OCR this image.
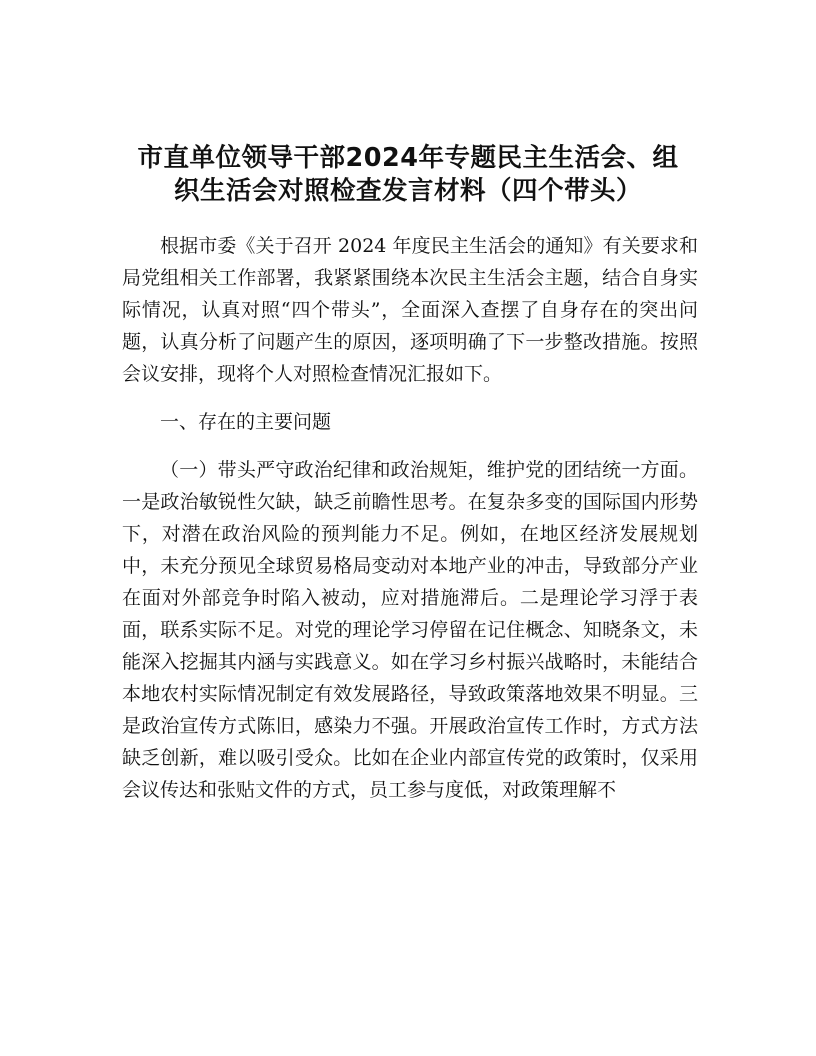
市直单位领导干部2024年专题民主生活会、组
织生活会对照检查发言材料（四个带头）

根据市委《关于召开 2024 年度民主生活会的通知》有关要求和局党组相关工作部署，我紧紧围绕本次民主生活会主题，结合自身实际情况，认真对照“四个带头”，全面深入查摆了自身存在的突出问题，认真分析了问题产生的原因，逐项明确了下一步整改措施。按照会议安排，现将个人对照检查情况汇报如下。

一、存在的主要问题

（一）带头严守政治纪律和政治规矩，维护党的团结统一方面。一是政治敏锐性欠缺，缺乏前瞻性思考。在复杂多变的国际国内形势下，对潜在政治风险的预判能力不足。例如，在地区经济发展规划中，未充分预见全球贸易格局变动对本地产业的冲击，导致部分产业在面对外部竞争时陷入被动，应对措施滞后。二是理论学习浮于表面，联系实际不足。对党的理论学习停留在记住概念、知晓条文，未能深入挖掘其内涵与实践意义。如在学习乡村振兴战略时，未能结合本地农村实际情况制定有效发展路径，导致政策落地效果不明显。三是政治宣传方式陈旧，感染力不强。开展政治宣传工作时，方式方法缺乏创新，难以吸引受众。比如在企业内部宣传党的政策时，仅采用会议传达和张贴文件的方式，员工参与度低，对政策理解不
